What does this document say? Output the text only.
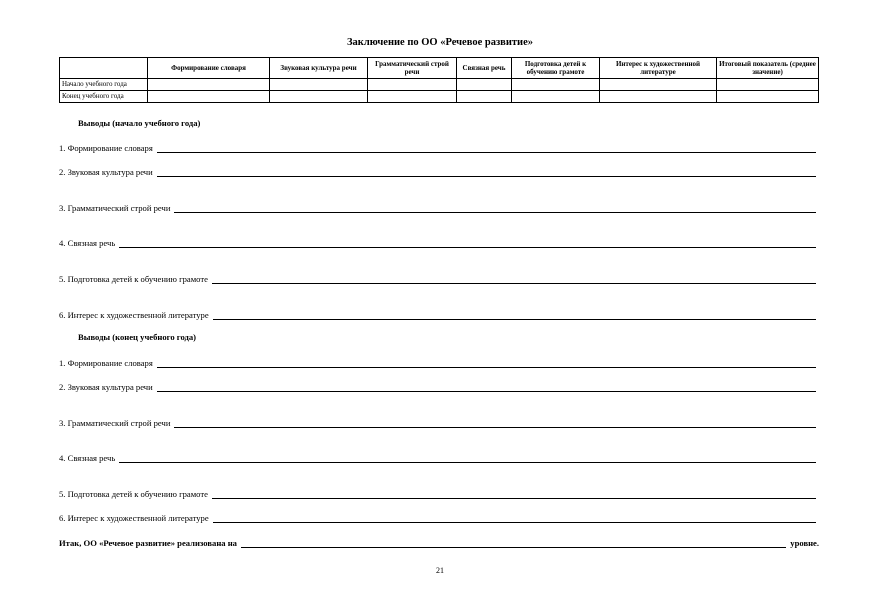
Заключение по ОО «Речевое развитие»
	Формирование словаря	Звуковая культура речи	Грамматический строй речи	Связная речь	Подготовка детей к обучению грамоте	Интерес к художественной литературе	Итоговый показатель (среднее значение)
Начало учебного года							
Конец учебного года							
Выводы (начало учебного года)
1. Формирование словаря
2. Звуковая культура речи
3. Грамматический строй речи
4. Связная речь
5. Подготовка детей к обучению грамоте
6. Интерес к художественной литературе
Выводы (конец учебного года)
1. Формирование словаря
2. Звуковая культура речи
3. Грамматический строй речи
4. Связная речь
5. Подготовка детей к обучению грамоте
6. Интерес к художественной литературе
Итак, ОО «Речевое развитие» реализована на	уровне.
21
